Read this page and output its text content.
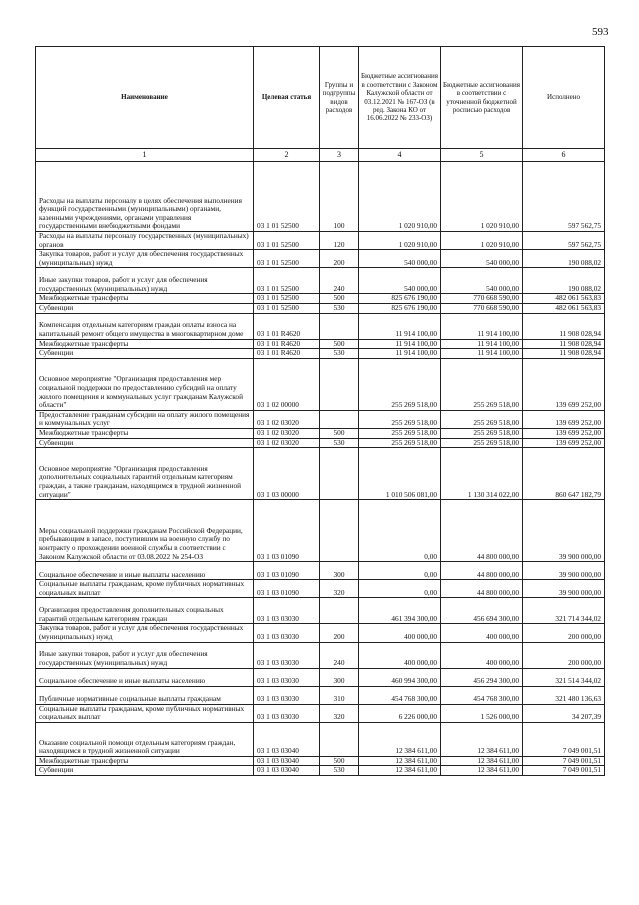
593
Наименование	Целевая статья	Группы и подгруппы видов расходов	Бюджетные ассигнования в соответствии с Законом Калужской области от 03.12.2021 № 167-ОЗ (в ред. Закона КО от 16.06.2022 № 233-ОЗ)	Бюджетные ассигнования в соответствии с уточненной бюджетной росписью расходов	Исполнено
1	2	3	4	5	6
Расходы на выплаты персоналу в целях обеспечения выполнения функций государственными (муниципальными) органами, казенными учреждениями, органами управления государственными внебюджетными фондами	03 1 01 52500	100	1 020 910,00	1 020 910,00	597 562,75
Расходы на выплаты персоналу государственных (муниципальных) органов	03 1 01 52500	120	1 020 910,00	1 020 910,00	597 562,75
Закупка товаров, работ и услуг для обеспечения государственных (муниципальных) нужд	03 1 01 52500	200	540 000,00	540 000,00	190 088,02
Иные закупки товаров, работ и услуг для обеспечения государственных (муниципальных) нужд	03 1 01 52500	240	540 000,00	540 000,00	190 088,02
Межбюджетные трансферты	03 1 01 52500	500	825 676 190,00	770 668 590,00	482 061 563,83
Субвенции	03 1 01 52500	530	825 676 190,00	770 668 590,00	482 061 563,83
Компенсация отдельным категориям граждан оплаты взноса на капитальный ремонт общего имущества в многоквартирном доме	03 1 01 R4620		11 914 100,00	11 914 100,00	11 908 028,94
Межбюджетные трансферты	03 1 01 R4620	500	11 914 100,00	11 914 100,00	11 908 028,94
Субвенции	03 1 01 R4620	530	11 914 100,00	11 914 100,00	11 908 028,94
Основное мероприятие "Организация предоставления мер социальной поддержки по предоставлению субсидий на оплату жилого помещения и коммунальных услуг гражданам Калужской области"	03 1 02 00000		255 269 518,00	255 269 518,00	139 699 252,00
Предоставление гражданам субсидии на оплату жилого помещения и коммунальных услуг	03 1 02 03020		255 269 518,00	255 269 518,00	139 699 252,00
Межбюджетные трансферты	03 1 02 03020	500	255 269 518,00	255 269 518,00	139 699 252,00
Субвенции	03 1 02 03020	530	255 269 518,00	255 269 518,00	139 699 252,00
Основное мероприятие "Организация предоставления дополнительных социальных гарантий отдельным категориям граждан, а также гражданам, находящимся в трудной жизненной ситуации"	03 1 03 00000		1 010 506 081,00	1 130 314 022,00	860 647 182,79
Меры социальной поддержки гражданам Российской Федерации, пребывающим в запасе, поступившим на военную службу по контракту о прохождении военной службы в соответствии с Законом Калужской области от 03.08.2022 № 254-ОЗ	03 1 03 01090		0,00	44 800 000,00	39 900 000,00
Социальное обеспечение и иные выплаты населению	03 1 03 01090	300	0,00	44 800 000,00	39 900 000,00
Социальные выплаты гражданам, кроме публичных нормативных социальных выплат	03 1 03 01090	320	0,00	44 800 000,00	39 900 000,00
Организация предоставления дополнительных социальных гарантий отдельным категориям граждан	03 1 03 03030		461 394 300,00	456 694 300,00	321 714 344,02
Закупка товаров, работ и услуг для обеспечения государственных (муниципальных) нужд	03 1 03 03030	200	400 000,00	400 000,00	200 000,00
Иные закупки товаров, работ и услуг для обеспечения государственных (муниципальных) нужд	03 1 03 03030	240	400 000,00	400 000,00	200 000,00
Социальное обеспечение и иные выплаты населению	03 1 03 03030	300	460 994 300,00	456 294 300,00	321 514 344,02
Публичные нормативные социальные выплаты гражданам	03 1 03 03030	310	454 768 300,00	454 768 300,00	321 480 136,63
Социальные выплаты гражданам, кроме публичных нормативных социальных выплат	03 1 03 03030	320	6 226 000,00	1 526 000,00	34 207,39
Оказание социальной помощи отдельным категориям граждан, находящимся в трудной жизненной ситуации	03 1 03 03040		12 384 611,00	12 384 611,00	7 049 001,51
Межбюджетные трансферты	03 1 03 03040	500	12 384 611,00	12 384 611,00	7 049 001,51
Субвенции	03 1 03 03040	530	12 384 611,00	12 384 611,00	7 049 001,51
